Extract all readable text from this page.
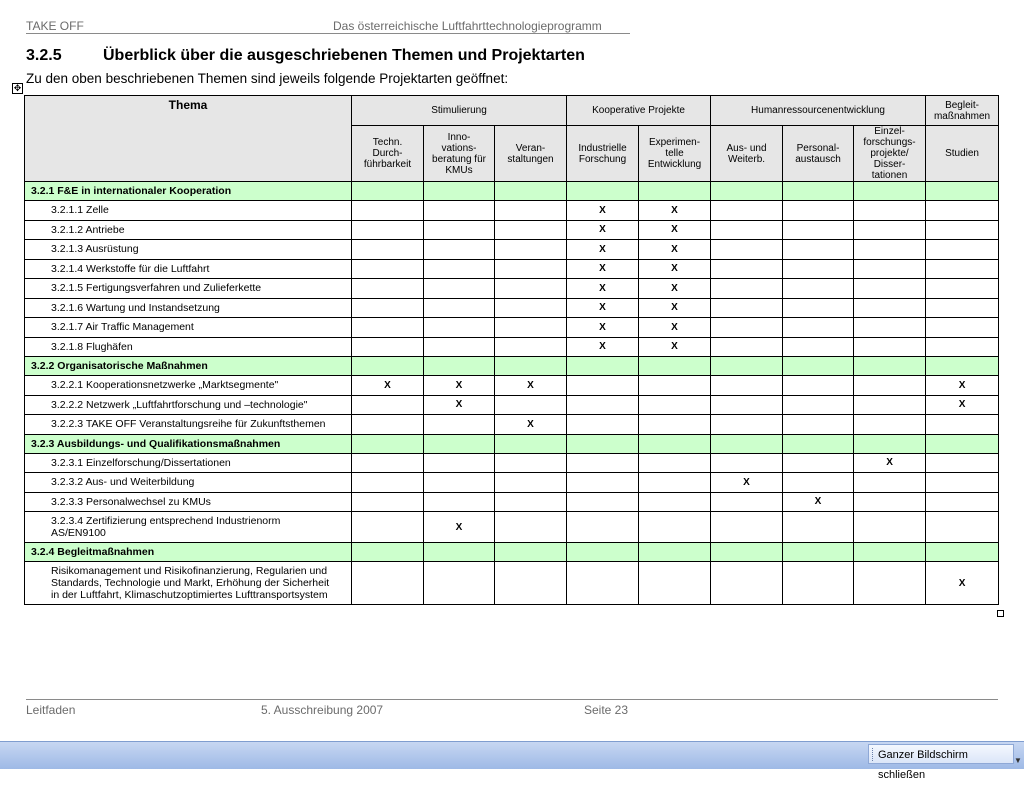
TAKE OFF	Das österreichische Luftfahrttechnologieprogramm
3.2.5	Überblick über die ausgeschriebenen Themen und Projektarten
Zu den oben beschriebenen Themen sind jeweils folgende Projektarten geöffnet:
✥
Thema	Stimulierung			Kooperative Projekte		Humanressourcenentwicklung			Begleit-
maßnahmen
	Techn.
Durch-
führbarkeit	Inno-
vations-
beratung für
KMUs	Veran-
staltungen	Industrielle
Forschung	Experimen-
telle
Entwicklung	Aus- und
Weiterb.	Personal-
austausch	Einzel-
forschungs-
projekte/
Disser-
tationen	Studien
3.2.1 F&E in internationaler Kooperation									
3.2.1.1 Zelle				X	X				
3.2.1.2 Antriebe				X	X				
3.2.1.3 Ausrüstung				X	X				
3.2.1.4 Werkstoffe für die Luftfahrt				X	X				
3.2.1.5 Fertigungsverfahren und Zulieferkette				X	X				
3.2.1.6 Wartung und Instandsetzung				X	X				
3.2.1.7 Air Traffic Management				X	X				
3.2.1.8 Flughäfen				X	X				
3.2.2 Organisatorische Maßnahmen									
3.2.2.1 Kooperationsnetzwerke „Marktsegmente"	X	X	X						X
3.2.2.2 Netzwerk „Luftfahrtforschung und –technologie"		X							X
3.2.2.3 TAKE OFF Veranstaltungsreihe für Zukunftsthemen			X						
3.2.3 Ausbildungs- und Qualifikationsmaßnahmen									
3.2.3.1 Einzelforschung/Dissertationen								X	
3.2.3.2 Aus- und Weiterbildung						X			
3.2.3.3 Personalwechsel zu KMUs							X		
3.2.3.4 Zertifizierung entsprechend Industrienorm
AS/EN9100		X							
3.2.4 Begleitmaßnahmen									
Risikomanagement und Risikofinanzierung, Regularien und
Standards, Technologie und Markt, Erhöhung der Sicherheit
in der Luftfahrt, Klimaschutzoptimiertes Lufttransportsystem									X
Leitfaden	5. Ausschreibung 2007	Seite 23
Ganzer Bildschirm schließen
▼
